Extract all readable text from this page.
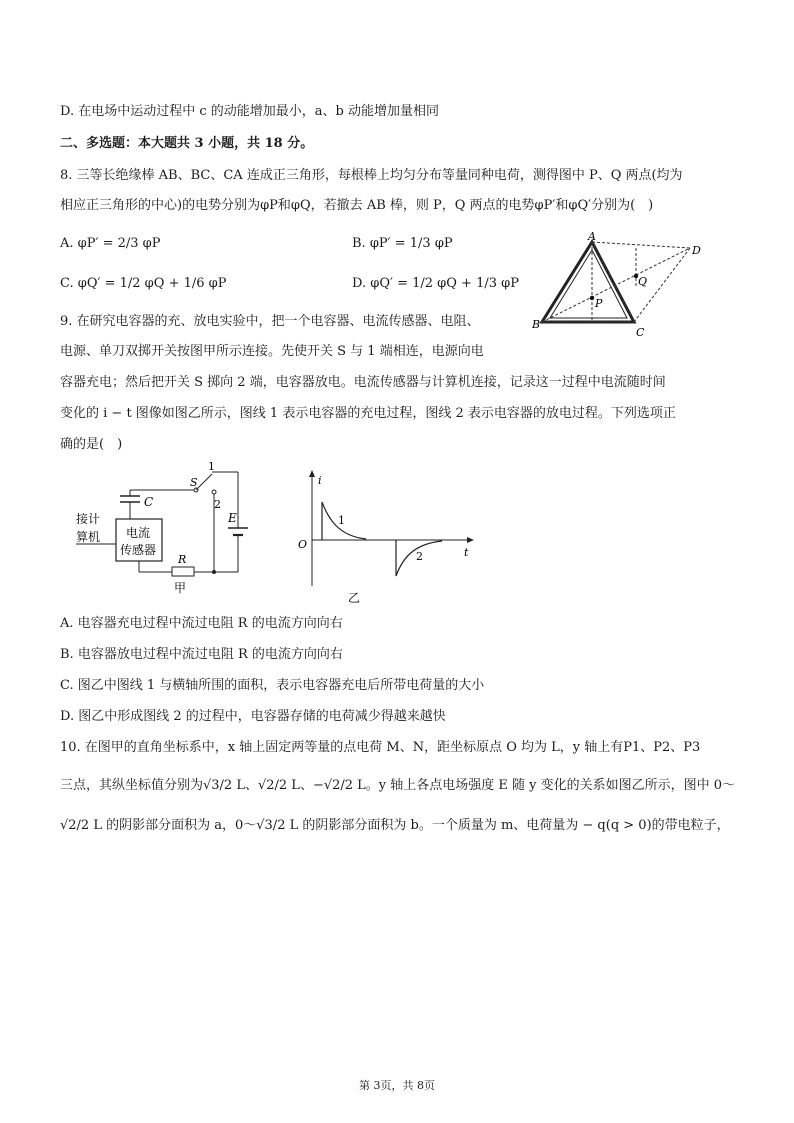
D. 在电场中运动过程中 c 的动能增加最小，a、b 动能增加量相同
二、多选题：本大题共 3 小题，共 18 分。
8. 三等长绝缘棒 AB、BC、CA 连成正三角形，每根棒上均匀分布等量同种电荷，测得图中 P、Q 两点(均为
相应正三角形的中心)的电势分别为φP和φQ，若撤去 AB 棒，则 P，Q 两点的电势φP′和φQ′分别为(　)
A. φP′ = 2/3 φP	B. φP′ = 1/3 φP
C. φQ′ = 1/2 φQ + 1/6 φP	D. φQ′ = 1/2 φQ + 1/3 φP
A
B
C
D
P
Q
9. 在研究电容器的充、放电实验中，把一个电容器、电流传感器、电阻、
电源、单刀双掷开关按图甲所示连接。先使开关 S 与 1 端相连，电源向电
容器充电；然后把开关 S 掷向 2 端，电容器放电。电流传感器与计算机连接，记录这一过程中电流随时间
变化的 i − t 图像如图乙所示，图线 1 表示电容器的充电过程，图线 2 表示电容器的放电过程。下列选项正
确的是(　)
电流
传感器
接计
算机
C
S
1
2
E
R
甲
i
O
t
1
2
乙
A. 电容器充电过程中流过电阻 R 的电流方向向右
B. 电容器放电过程中流过电阻 R 的电流方向向右
C. 图乙中图线 1 与横轴所围的面积，表示电容器充电后所带电荷量的大小
D. 图乙中形成图线 2 的过程中，电容器存储的电荷减少得越来越快
10. 在图甲的直角坐标系中，x 轴上固定两等量的点电荷 M、N，距坐标原点 O 均为 L，y 轴上有P1、P2、P3
三点，其纵坐标值分别为√3/2 L、√2/2 L、−√2/2 L。y 轴上各点电场强度 E 随 y 变化的关系如图乙所示，图中 0～
√2/2 L 的阴影部分面积为 a，0～√3/2 L 的阴影部分面积为 b。一个质量为 m、电荷量为 − q(q > 0)的带电粒子，
第 3页，共 8页
